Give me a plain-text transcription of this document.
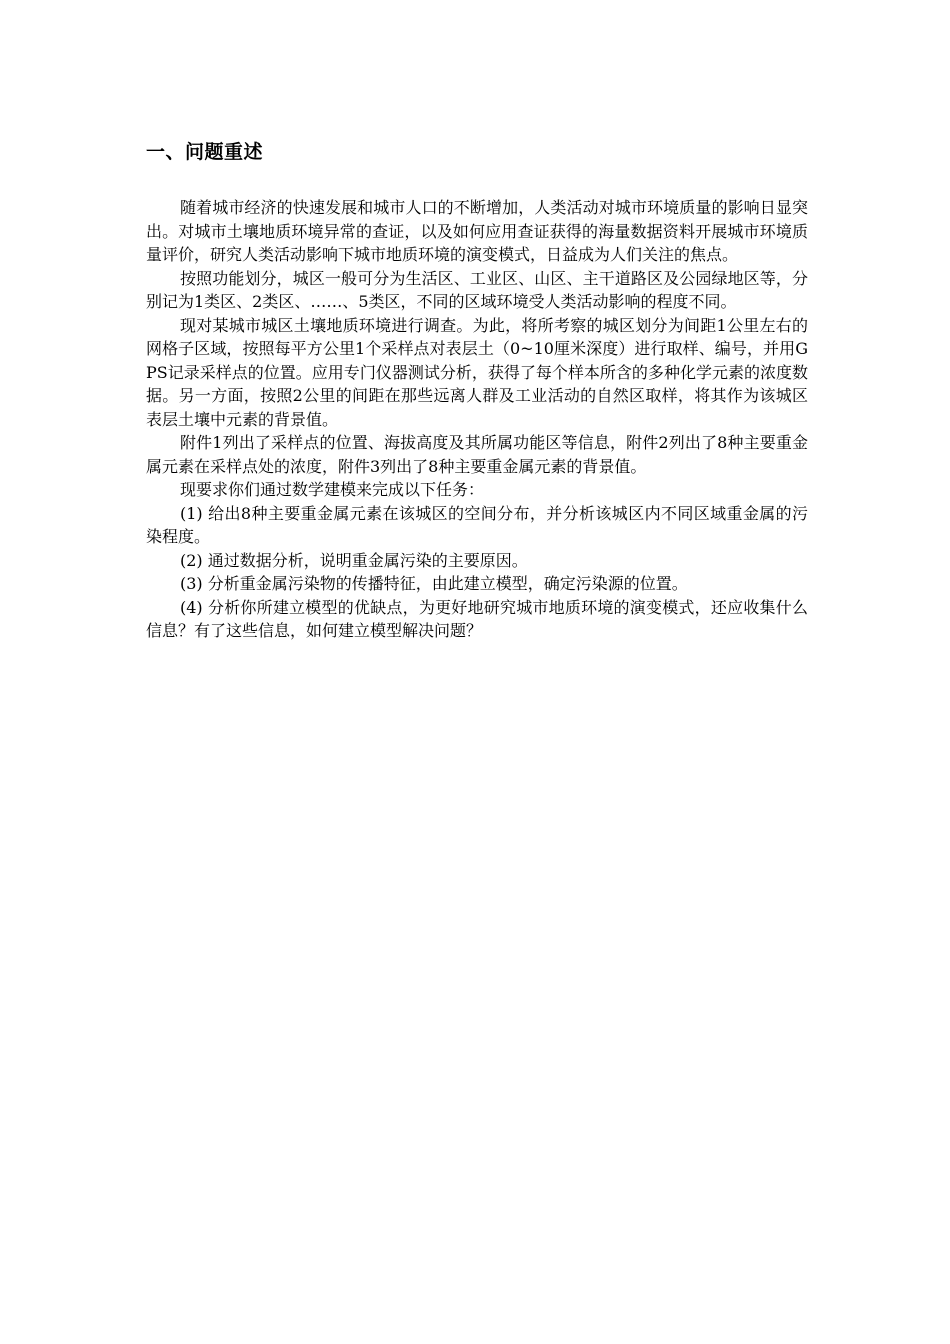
一、问题重述

随着城市经济的快速发展和城市人口的不断增加，人类活动对城市环境质量的影响日显突出。对城市土壤地质环境异常的查证，以及如何应用查证获得的海量数据资料开展城市环境质量评价，研究人类活动影响下城市地质环境的演变模式，日益成为人们关注的焦点。

按照功能划分，城区一般可分为生活区、工业区、山区、主干道路区及公园绿地区等，分别记为1类区、2类区、……、5类区，不同的区域环境受人类活动影响的程度不同。

现对某城市城区土壤地质环境进行调查。为此，将所考察的城区划分为间距1公里左右的网格子区域，按照每平方公里1个采样点对表层土（0~10厘米深度）进行取样、编号，并用GPS记录采样点的位置。应用专门仪器测试分析，获得了每个样本所含的多种化学元素的浓度数据。另一方面，按照2公里的间距在那些远离人群及工业活动的自然区取样，将其作为该城区表层土壤中元素的背景值。

附件1列出了采样点的位置、海拔高度及其所属功能区等信息，附件2列出了8种主要重金属元素在采样点处的浓度，附件3列出了8种主要重金属元素的背景值。

现要求你们通过数学建模来完成以下任务：

(1) 给出8种主要重金属元素在该城区的空间分布，并分析该城区内不同区域重金属的污染程度。

(2) 通过数据分析，说明重金属污染的主要原因。

(3) 分析重金属污染物的传播特征，由此建立模型，确定污染源的位置。

(4) 分析你所建立模型的优缺点，为更好地研究城市地质环境的演变模式，还应收集什么信息？有了这些信息，如何建立模型解决问题？
